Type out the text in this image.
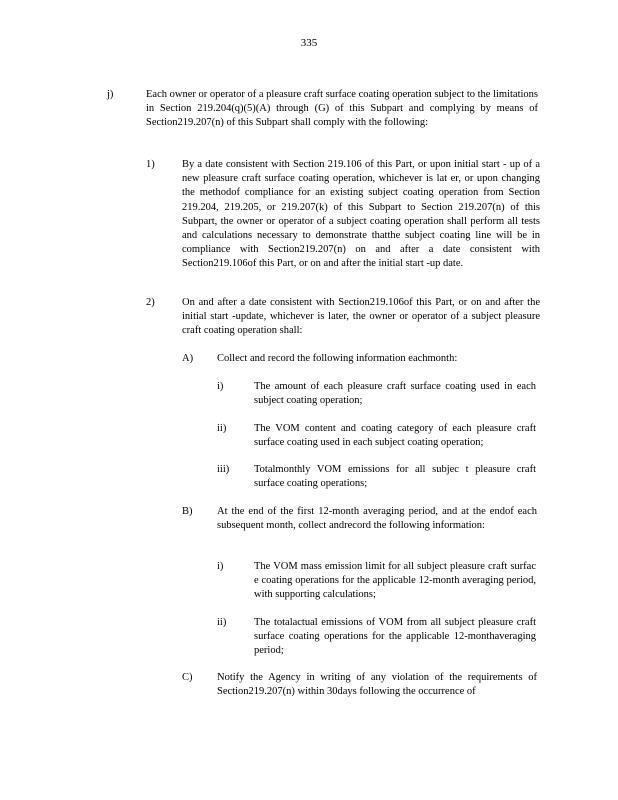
335
j)	Each owner or operator of a pleasure craft surface coating operation subject to the limitations in Section 219.204(q)(5)(A) through (G) of this Subpart and complying by means of Section219.207(n) of this Subpart shall comply with the following:
1)	By a date consistent with Section 219.106 of this Part, or upon initial start - up of a new pleasure craft surface coating operation, whichever is lat er, or upon changing the methodof compliance for an existing subject coating operation from Section 219.204, 219.205, or 219.207(k) of this Subpart to Section 219.207(n) of this Subpart, the owner or operator of a subject coating operation shall perform all tests and calculations necessary to demonstrate thatthe subject coating line will be in compliance with Section219.207(n) on and after a date consistent with Section219.106of this Part, or on and after the initial start -up date.
2)	On and after a date consistent with Section219.106of this Part, or on and after the initial start -update, whichever is later, the owner or operator of a subject pleasure craft coating operation shall:
A) Collect and record the following information eachmonth:
i)	The amount of each pleasure craft surface coating used in each subject coating operation;
ii)	The VOM content and coating category of each pleasure craft surface coating used in each subject coating operation;
iii) Totalmonthly VOM emissions for all subjec t pleasure craft surface coating operations;
B) At the end of the first 12-month averaging period, and at the endof each subsequent month, collect andrecord the following information:
i)	The VOM mass emission limit for all subject pleasure craft surfac e coating operations for the applicable 12-month averaging period, with supporting calculations;
ii)	The totalactual emissions of VOM from all subject pleasure craft surface coating operations for the applicable 12-monthaveraging period;
C) Notify the Agency in writing of any violation of the requirements of Section219.207(n) within 30days following the occurrence of
